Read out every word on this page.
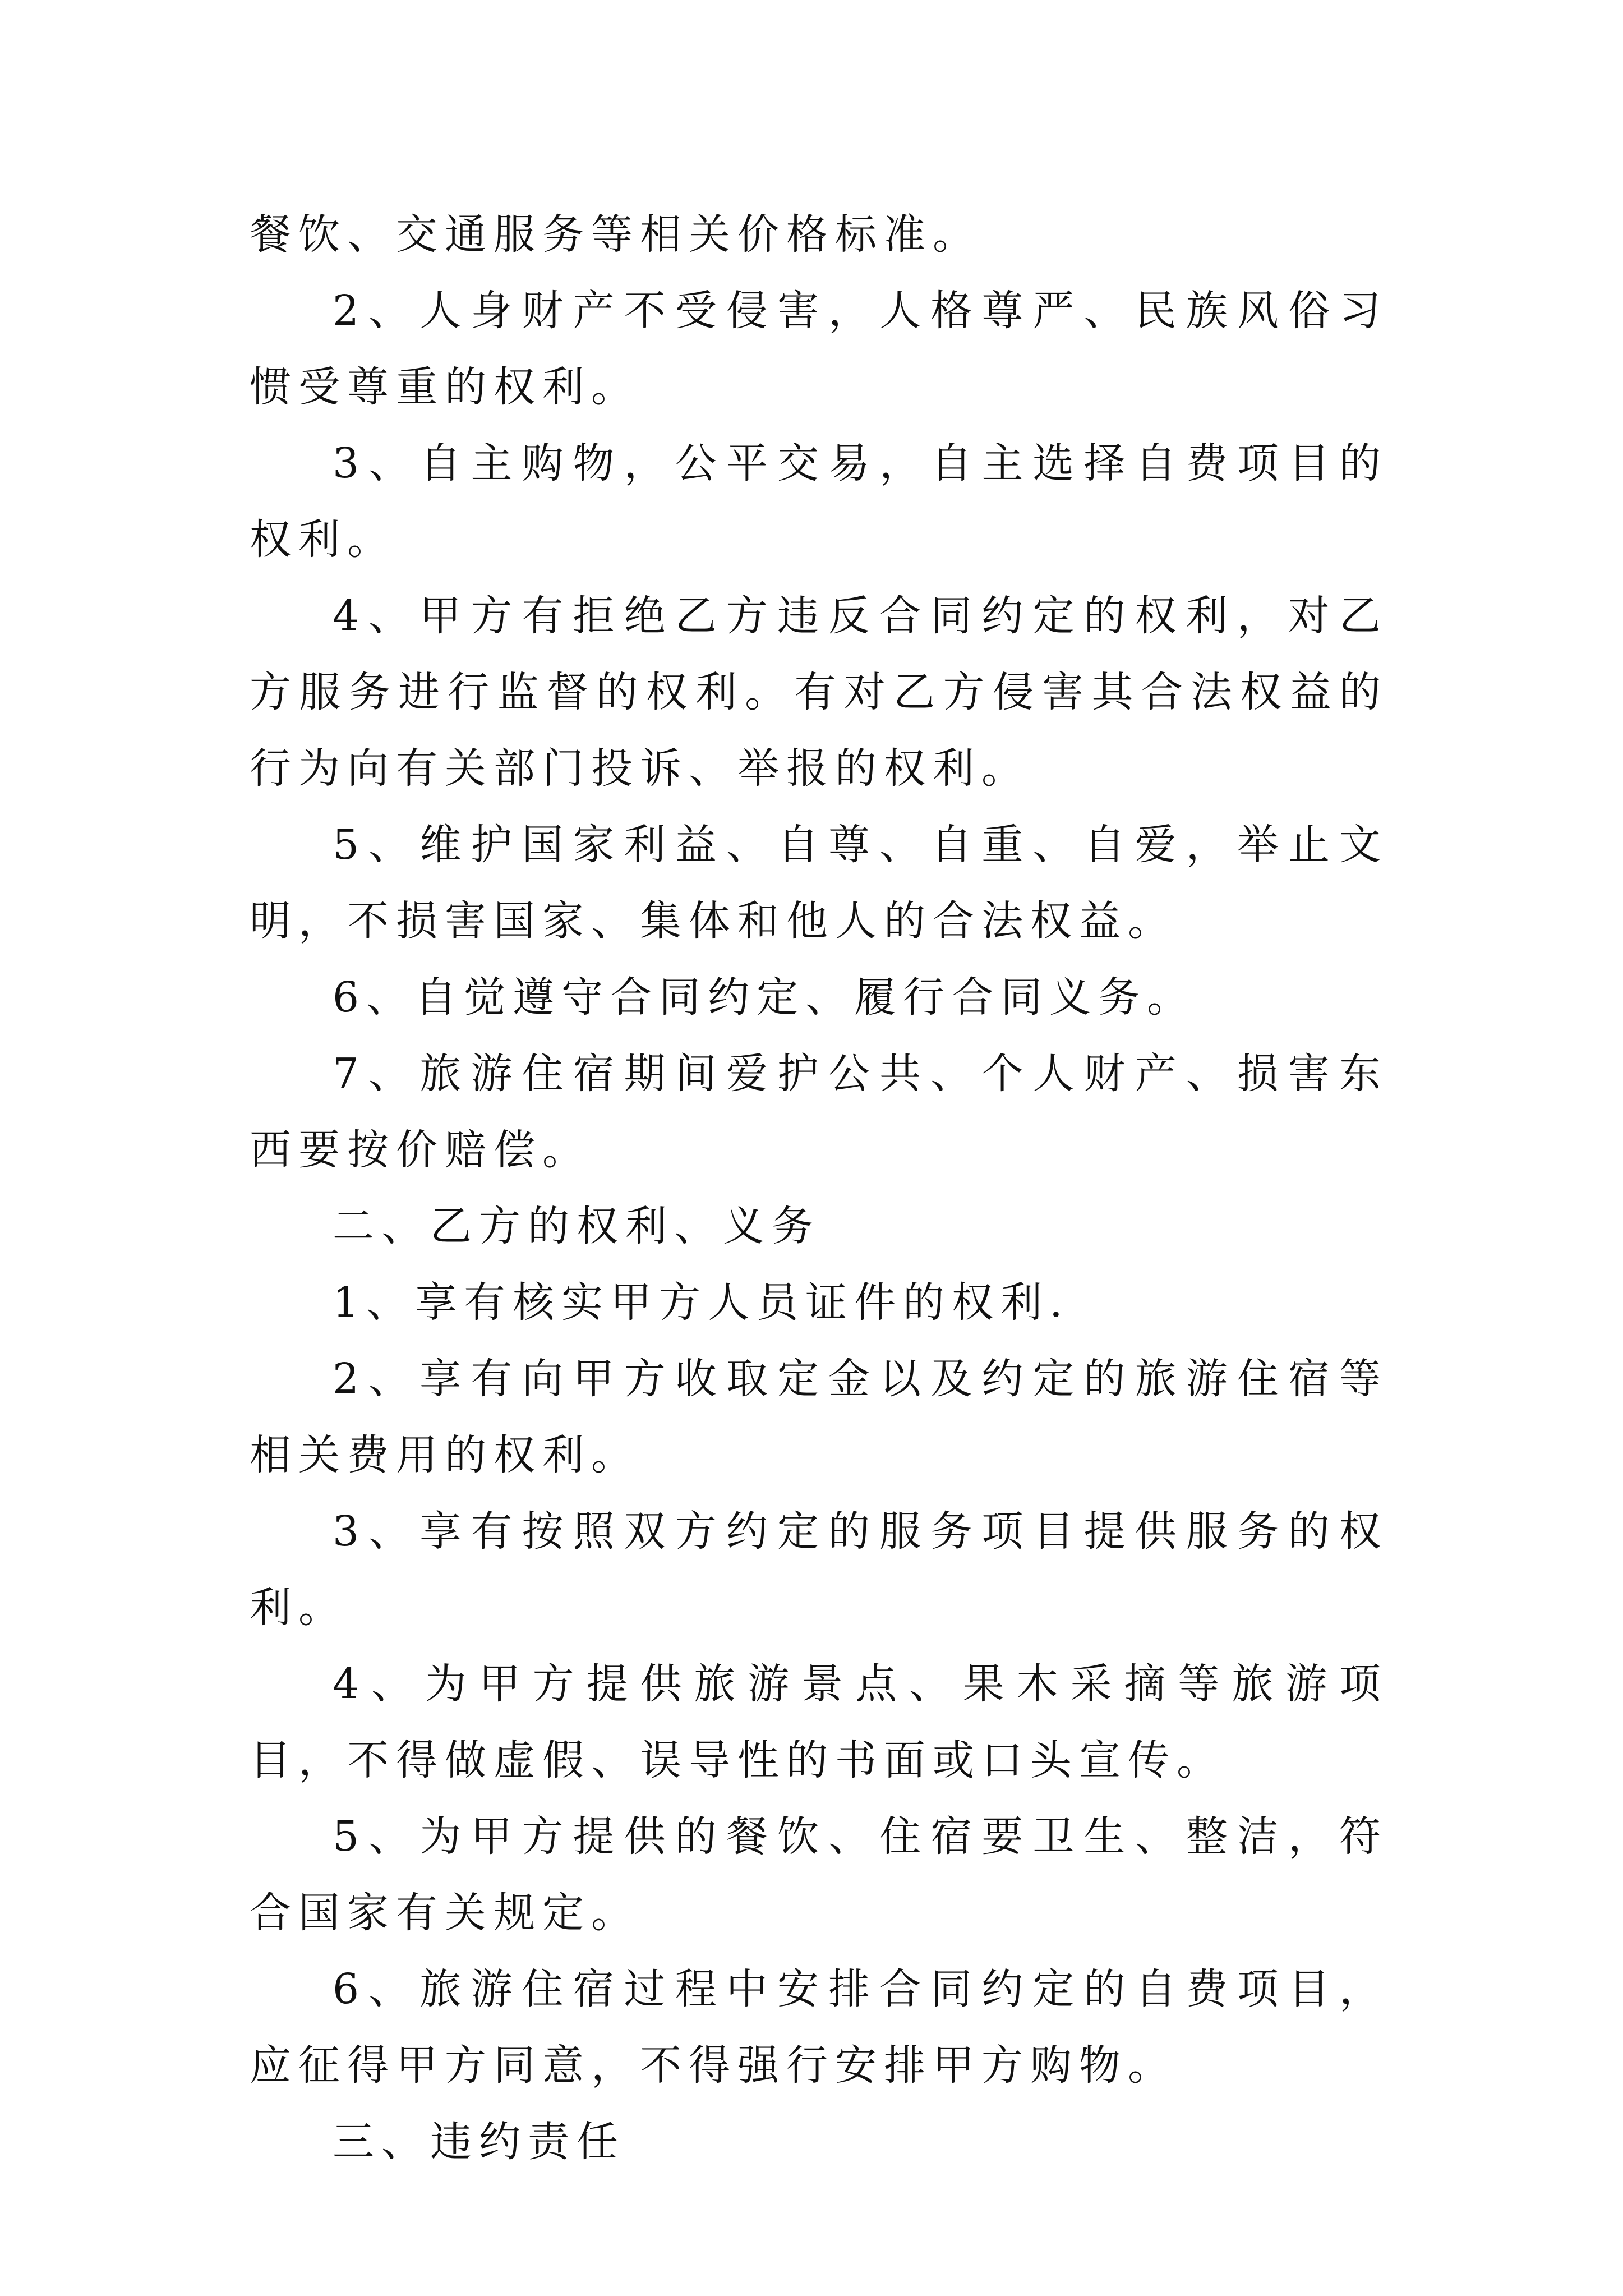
餐饮、交通服务等相关价格标准。

2、人身财产不受侵害，人格尊严、民族风俗习惯受尊重的权利。

3、自主购物，公平交易，自主选择自费项目的权利。

4、甲方有拒绝乙方违反合同约定的权利，对乙方服务进行监督的权利。有对乙方侵害其合法权益的行为向有关部门投诉、举报的权利。

5、维护国家利益、自尊、自重、自爱，举止文明，不损害国家、集体和他人的合法权益。

6、自觉遵守合同约定、履行合同义务。

7、旅游住宿期间爱护公共、个人财产、损害东西要按价赔偿。

二、乙方的权利、义务

1、享有核实甲方人员证件的权利.

2、享有向甲方收取定金以及约定的旅游住宿等相关费用的权利。

3、享有按照双方约定的服务项目提供服务的权利。

4、为甲方提供旅游景点、果木采摘等旅游项目，不得做虚假、误导性的书面或口头宣传。

5、为甲方提供的餐饮、住宿要卫生、整洁，符合国家有关规定。

6、旅游住宿过程中安排合同约定的自费项目，应征得甲方同意，不得强行安排甲方购物。

三、违约责任
